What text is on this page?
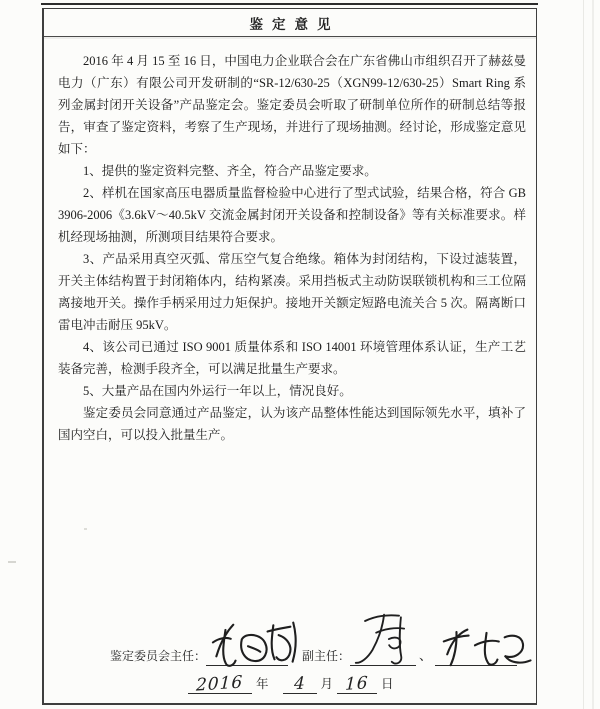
鉴定意见

2016 年 4 月 15 至 16 日，中国电力企业联合会在广东省佛山市组织召开了赫兹曼电力（广东）有限公司开发研制的“SR-12/630-25（XGN99-12/630-25）Smart Ring 系列金属封闭开关设备”产品鉴定会。鉴定委员会听取了研制单位所作的研制总结等报告，审查了鉴定资料，考察了生产现场，并进行了现场抽测。经讨论，形成鉴定意见如下：

1、提供的鉴定资料完整、齐全，符合产品鉴定要求。

2、样机在国家高压电器质量监督检验中心进行了型式试验，结果合格，符合 GB 3906-2006《3.6kV～40.5kV 交流金属封闭开关设备和控制设备》等有关标准要求。样机经现场抽测，所测项目结果符合要求。

3、产品采用真空灭弧、常压空气复合绝缘。箱体为封闭结构，下设过滤装置，开关主体结构置于封闭箱体内，结构紧凑。采用挡板式主动防误联锁机构和三工位隔离接地开关。操作手柄采用过力矩保护。接地开关额定短路电流关合 5 次。隔离断口雷电冲击耐压 95kV。

4、该公司已通过 ISO 9001 质量体系和 ISO 14001 环境管理体系认证，生产工艺装备完善，检测手段齐全，可以满足批量生产要求。

5、大量产品在国内外运行一年以上，情况良好。

鉴定委员会同意通过产品鉴定，认为该产品整体性能达到国际领先水平，填补了国内空白，可以投入批量生产。

鉴定委员会主任：	副主任：	、
2016 年 4	月 16 日
